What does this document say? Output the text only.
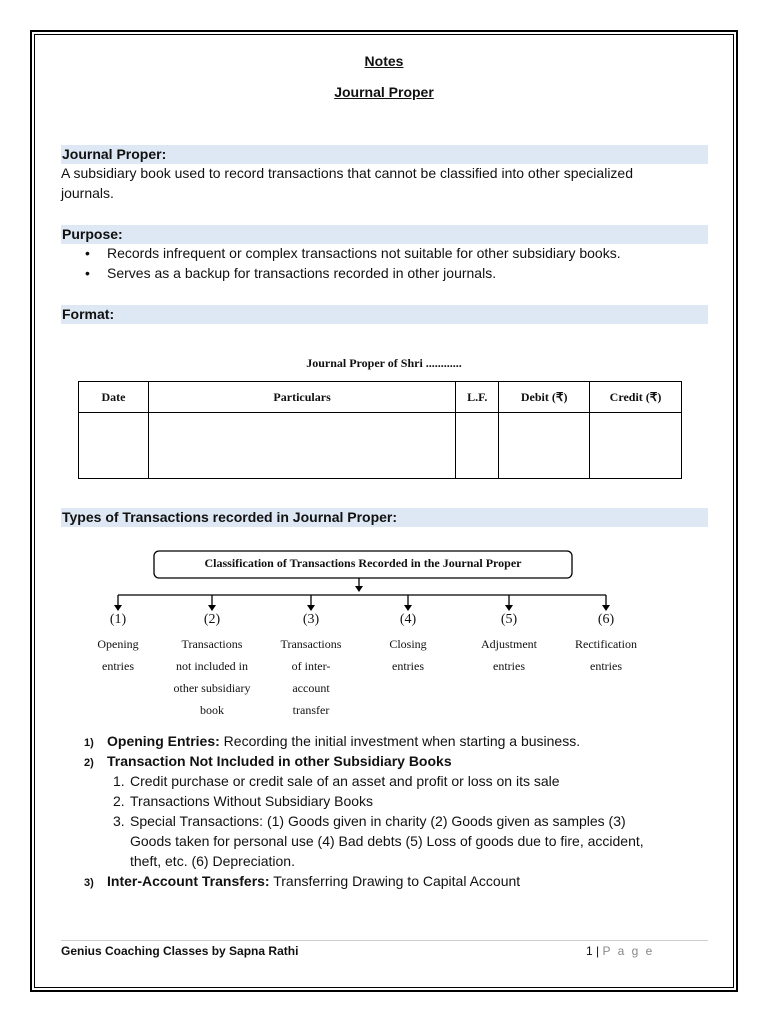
Notes
Journal Proper
Journal Proper:
A subsidiary book used to record transactions that cannot be classified into other specialized
journals.
Purpose:
• Records infrequent or complex transactions not suitable for other subsidiary books.
• Serves as a backup for transactions recorded in other journals.
Format:
Journal Proper of Shri ............
Date	Particulars	L.F.	Debit (₹)	Credit (₹)

Types of Transactions recorded in Journal Proper:
Classification of Transactions Recorded in the Journal Proper
(1)	(2)	(3)	(4)	(5)	(6)
Opening
entries
Transactions
not included in
other subsidiary
book
Transactions
of inter-
account
transfer
Closing
entries
Adjustment
entries
Rectification
entries
1) Opening Entries: Recording the initial investment when starting a business.
2) Transaction Not Included in other Subsidiary Books
1. Credit purchase or credit sale of an asset and profit or loss on its sale
2. Transactions Without Subsidiary Books
3. Special Transactions: (1) Goods given in charity (2) Goods given as samples (3)
Goods taken for personal use (4) Bad debts (5) Loss of goods due to fire, accident,
theft, etc. (6) Depreciation.
3) Inter-Account Transfers: Transferring Drawing to Capital Account
Genius Coaching Classes by Sapna Rathi	1 | P a g e
